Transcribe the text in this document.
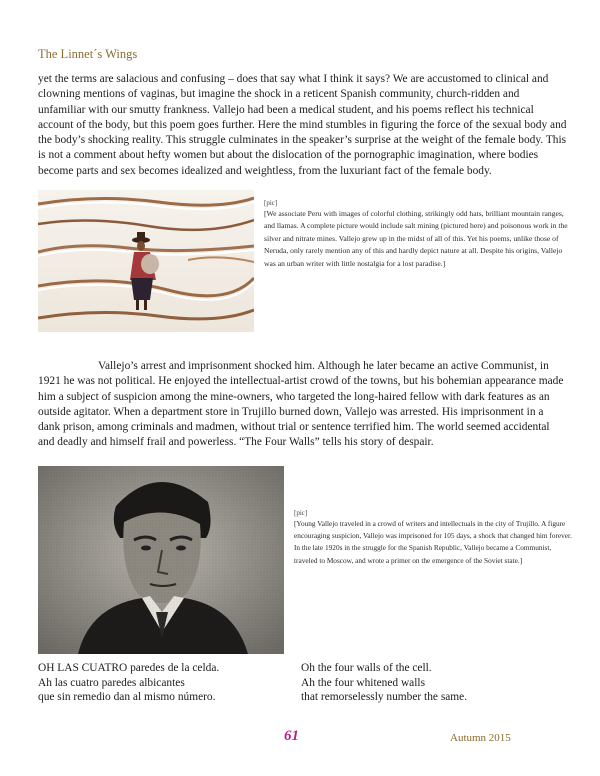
The Linnet´s Wings

yet the terms are salacious and confusing – does that say what I think it says? We are accustomed to clinical and clowning mentions of vaginas, but imagine the shock in a reticent Spanish community, church-ridden and unfamiliar with our smutty frankness. Vallejo had been a medical student, and his poems reflect his technical account of the body, but this poem goes further. Here the mind stumbles in figuring the force of the sexual body and the body’s shocking reality. This struggle culminates in the speaker’s surprise at the weight of the female body. This is not a comment about hefty women but about the dislocation of the pornographic imagination, where bodies become parts and sex becomes idealized and weightless, from the luxuriant fact of the female body.

[pic]

[We associate Peru with images of colorful clothing, strikingly odd hats, brilliant mountain ranges, and llamas. A complete picture would include salt mining (pictured here) and poisonous work in the silver and nitrate mines. Vallejo grew up in the midst of all of this. Yet his poems, unlike those of Neruda, only rarely mention any of this and hardly depict nature at all. Despite his origins, Vallejo was an urban writer with little nostalgia for a lost paradise.]

Vallejo’s arrest and imprisonment shocked him. Although he later became an active Communist, in 1921 he was not political. He enjoyed the intellectual-artist crowd of the towns, but his bohemian appearance made him a subject of suspicion among the mine-owners, who targeted the long-haired fellow with dark features as an outside agitator. When a department store in Trujillo burned down, Vallejo was arrested. His imprisonment in a dank prison, among criminals and madmen, without trial or sentence terrified him. The world seemed accidental and deadly and himself frail and powerless. “The Four Walls” tells his story of despair.

[pic]

[Young Vallejo traveled in a crowd of writers and intellectuals in the city of Trujillo. A figure encouraging suspicion, Vallejo was imprisoned for 105 days, a shock that changed him forever. In the late 1920s in the struggle for the Spanish Republic, Vallejo became a Communist, traveled to Moscow, and wrote a primer on the emergence of the Soviet state.]

OH LAS CUATRO paredes de la celda.
Ah las cuatro paredes albicantes
que sin remedio dan al mismo número.
Oh the four walls of the cell.
Ah the four whitened walls
that remorselessly number the same.
61	Autumn 2015
